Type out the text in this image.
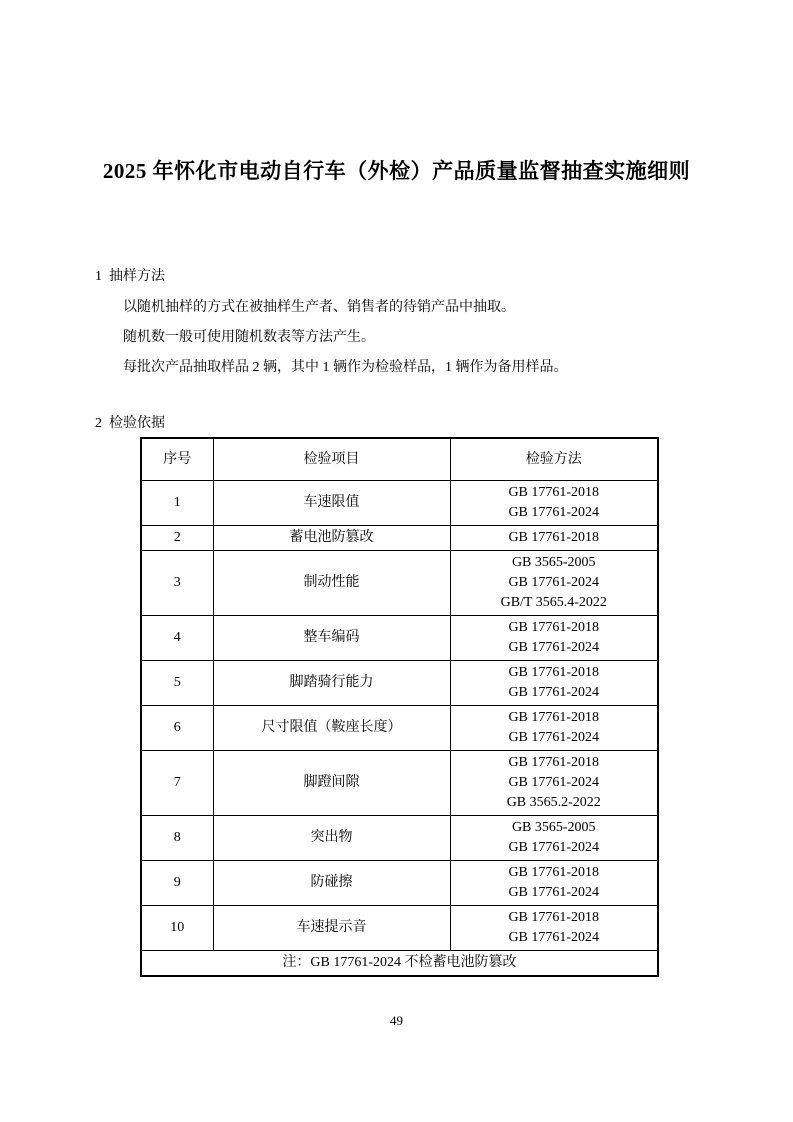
2025 年怀化市电动自行车（外检）产品质量监督抽查实施细则
1  抽样方法
以随机抽样的方式在被抽样生产者、销售者的待销产品中抽取。
随机数一般可使用随机数表等方法产生。
每批次产品抽取样品 2 辆，其中 1 辆作为检验样品，1 辆作为备用样品。
2  检验依据
序号	检验项目	检验方法
1	车速限值	GB 17761-2018
GB 17761-2024

2	蓄电池防篡改	GB 17761-2018

3	制动性能	GB 3565-2005
GB 17761-2024
GB/T 3565.4-2022

4	整车编码	GB 17761-2018
GB 17761-2024

5	脚踏骑行能力	GB 17761-2018
GB 17761-2024

6	尺寸限值（鞍座长度）	GB 17761-2018
GB 17761-2024

7	脚蹬间隙	GB 17761-2018
GB 17761-2024
GB 3565.2-2022

8	突出物	GB 3565-2005
GB 17761-2024

9	防碰擦	GB 17761-2018
GB 17761-2024

10	车速提示音	GB 17761-2018
GB 17761-2024

注：GB 17761-2024 不检蓄电池防篡改		
49
